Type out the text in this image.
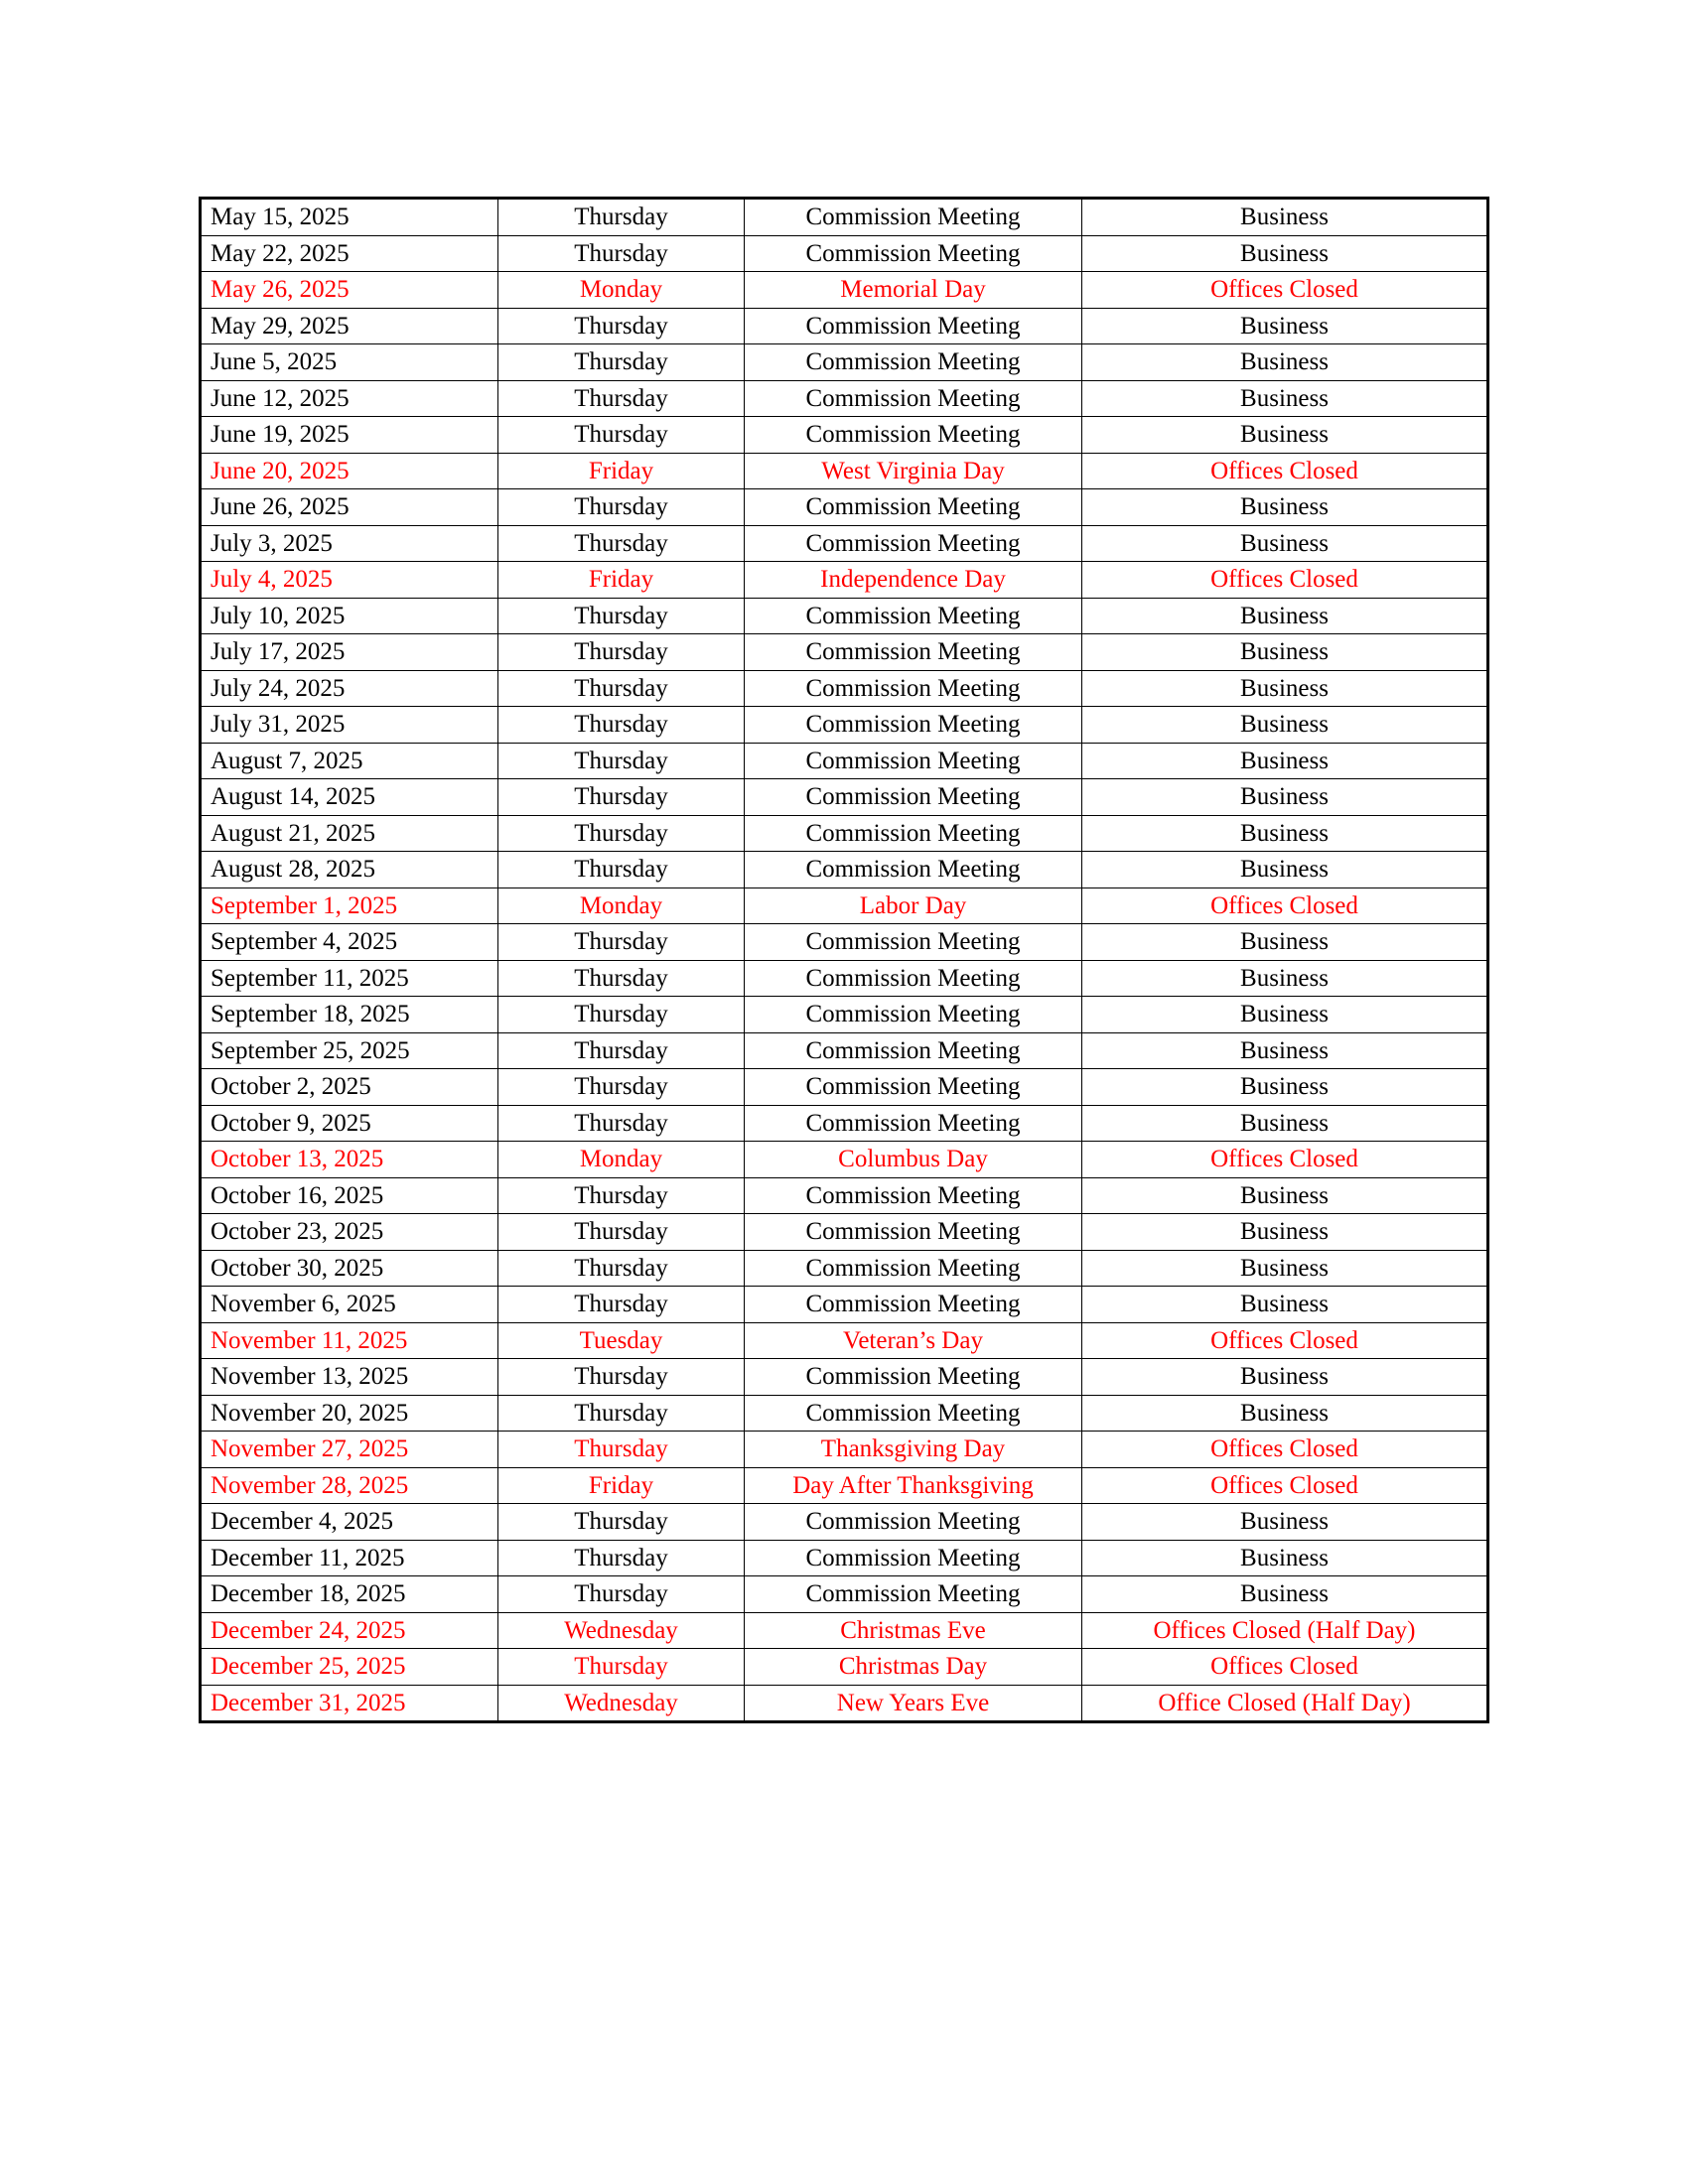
May 15, 2025	Thursday	Commission Meeting	Business
May 22, 2025	Thursday	Commission Meeting	Business
May 26, 2025	Monday	Memorial Day	Offices Closed
May 29, 2025	Thursday	Commission Meeting	Business
June 5, 2025	Thursday	Commission Meeting	Business
June 12, 2025	Thursday	Commission Meeting	Business
June 19, 2025	Thursday	Commission Meeting	Business
June 20, 2025	Friday	West Virginia Day	Offices Closed
June 26, 2025	Thursday	Commission Meeting	Business
July 3, 2025	Thursday	Commission Meeting	Business
July 4, 2025	Friday	Independence Day	Offices Closed
July 10, 2025	Thursday	Commission Meeting	Business
July 17, 2025	Thursday	Commission Meeting	Business
July 24, 2025	Thursday	Commission Meeting	Business
July 31, 2025	Thursday	Commission Meeting	Business
August 7, 2025	Thursday	Commission Meeting	Business
August 14, 2025	Thursday	Commission Meeting	Business
August 21, 2025	Thursday	Commission Meeting	Business
August 28, 2025	Thursday	Commission Meeting	Business
September 1, 2025	Monday	Labor Day	Offices Closed
September 4, 2025	Thursday	Commission Meeting	Business
September 11, 2025	Thursday	Commission Meeting	Business
September 18, 2025	Thursday	Commission Meeting	Business
September 25, 2025	Thursday	Commission Meeting	Business
October 2, 2025	Thursday	Commission Meeting	Business
October 9, 2025	Thursday	Commission Meeting	Business
October 13, 2025	Monday	Columbus Day	Offices Closed
October 16, 2025	Thursday	Commission Meeting	Business
October 23, 2025	Thursday	Commission Meeting	Business
October 30, 2025	Thursday	Commission Meeting	Business
November 6, 2025	Thursday	Commission Meeting	Business
November 11, 2025	Tuesday	Veteran’s Day	Offices Closed
November 13, 2025	Thursday	Commission Meeting	Business
November 20, 2025	Thursday	Commission Meeting	Business
November 27, 2025	Thursday	Thanksgiving Day	Offices Closed
November 28, 2025	Friday	Day After Thanksgiving	Offices Closed
December 4, 2025	Thursday	Commission Meeting	Business
December 11, 2025	Thursday	Commission Meeting	Business
December 18, 2025	Thursday	Commission Meeting	Business
December 24, 2025	Wednesday	Christmas Eve	Offices Closed (Half Day)
December 25, 2025	Thursday	Christmas Day	Offices Closed
December 31, 2025	Wednesday	New Years Eve	Office Closed (Half Day)
